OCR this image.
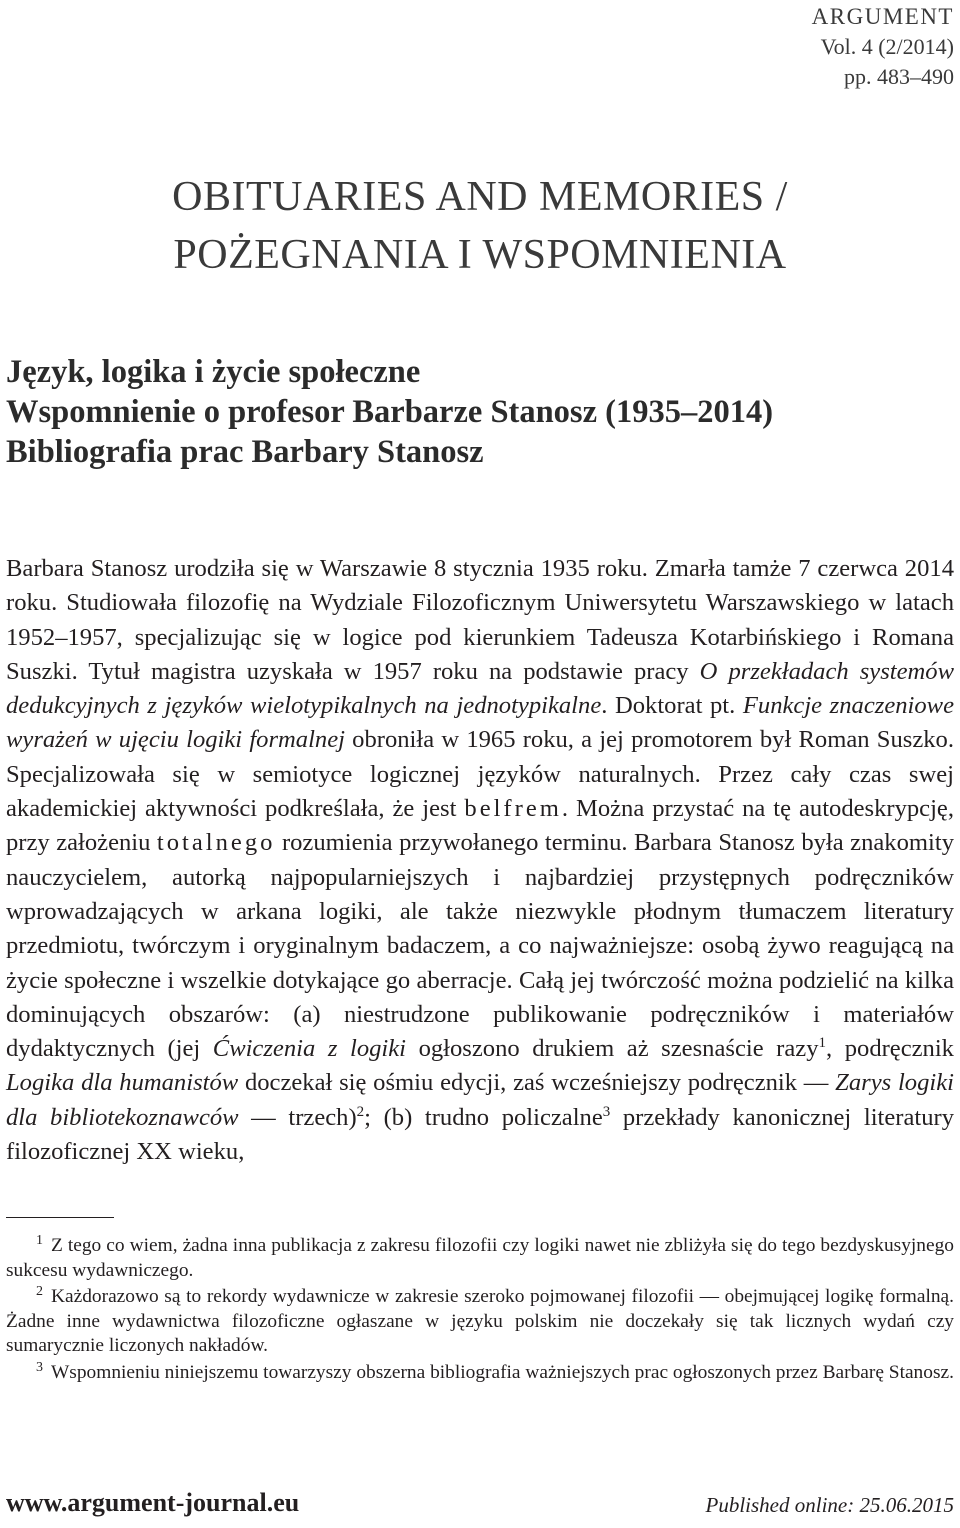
ARGUMENT
Vol. 4 (2/2014)
pp. 483–490
OBITUARIES AND MEMORIES /
POŻEGNANIA I WSPOMNIENIA
Język, logika i życie społeczne
Wspomnienie o profesor Barbarze Stanosz (1935–2014)
Bibliografia prac Barbary Stanosz

Barbara Stanosz urodziła się w Warszawie 8 stycznia 1935 roku. Zmarła tamże 7 czerwca 2014 roku. Studiowała filozofię na Wydziale Filozoficznym Uniwersytetu Warszawskiego w latach 1952–1957, specjalizując się w logice pod kierunkiem Tadeusza Kotarbińskiego i Romana Suszki. Tytuł magistra uzyskała w 1957 roku na podstawie pracy O przekładach systemów dedukcyjnych z języków wielotypikalnych na jednotypikalne. Doktorat pt. Funkcje znaczeniowe wyrażeń w ujęciu logiki formalnej obroniła w 1965 roku, a jej promotorem był Roman Suszko. Specjalizowała się w semiotyce logicznej języków naturalnych. Przez cały czas swej akademickiej aktywności podkreślała, że jest belfrem. Można przystać na tę autodeskrypcję, przy założeniu totalnego rozumienia przywołanego terminu. Barbara Stanosz była znakomity nauczycielem, autorką najpopularniejszych i najbardziej przystępnych podręczników wprowadzających w arkana logiki, ale także niezwykle płodnym tłumaczem literatury przedmiotu, twórczym i oryginalnym badaczem, a co najważniejsze: osobą żywo reagującą na życie społeczne i wszelkie dotykające go aberracje. Całą jej twórczość można podzielić na kilka dominujących obszarów: (a) niestrudzone publikowanie podręczników i materiałów dydaktycznych (jej Ćwiczenia z logiki ogłoszono drukiem aż szesnaście razy$^1$, podręcznik Logika dla humanistów doczekał się ośmiu edycji, zaś wcześniejszy podręcznik — Zarys logiki dla bibliotekoznawców — trzech)$^2$; (b) trudno policzalne$^3$ przekłady kanonicznej literatury filozoficznej XX wieku,

$^1$ Z tego co wiem, żadna inna publikacja z zakresu filozofii czy logiki nawet nie zbliżyła się do tego bezdyskusyjnego sukcesu wydawniczego.

$^2$ Każdorazowo są to rekordy wydawnicze w zakresie szeroko pojmowanej filozofii — obejmującej logikę formalną. Żadne inne wydawnictwa filozoficzne ogłaszane w języku polskim nie doczekały się tak licznych wydań czy sumarycznie liczonych nakładów.

$^3$ Wspomnieniu niniejszemu towarzyszy obszerna bibliografia ważniejszych prac ogłoszonych przez Barbarę Stanosz.

www.argument-journal.eu	Published online: 25.06.2015
